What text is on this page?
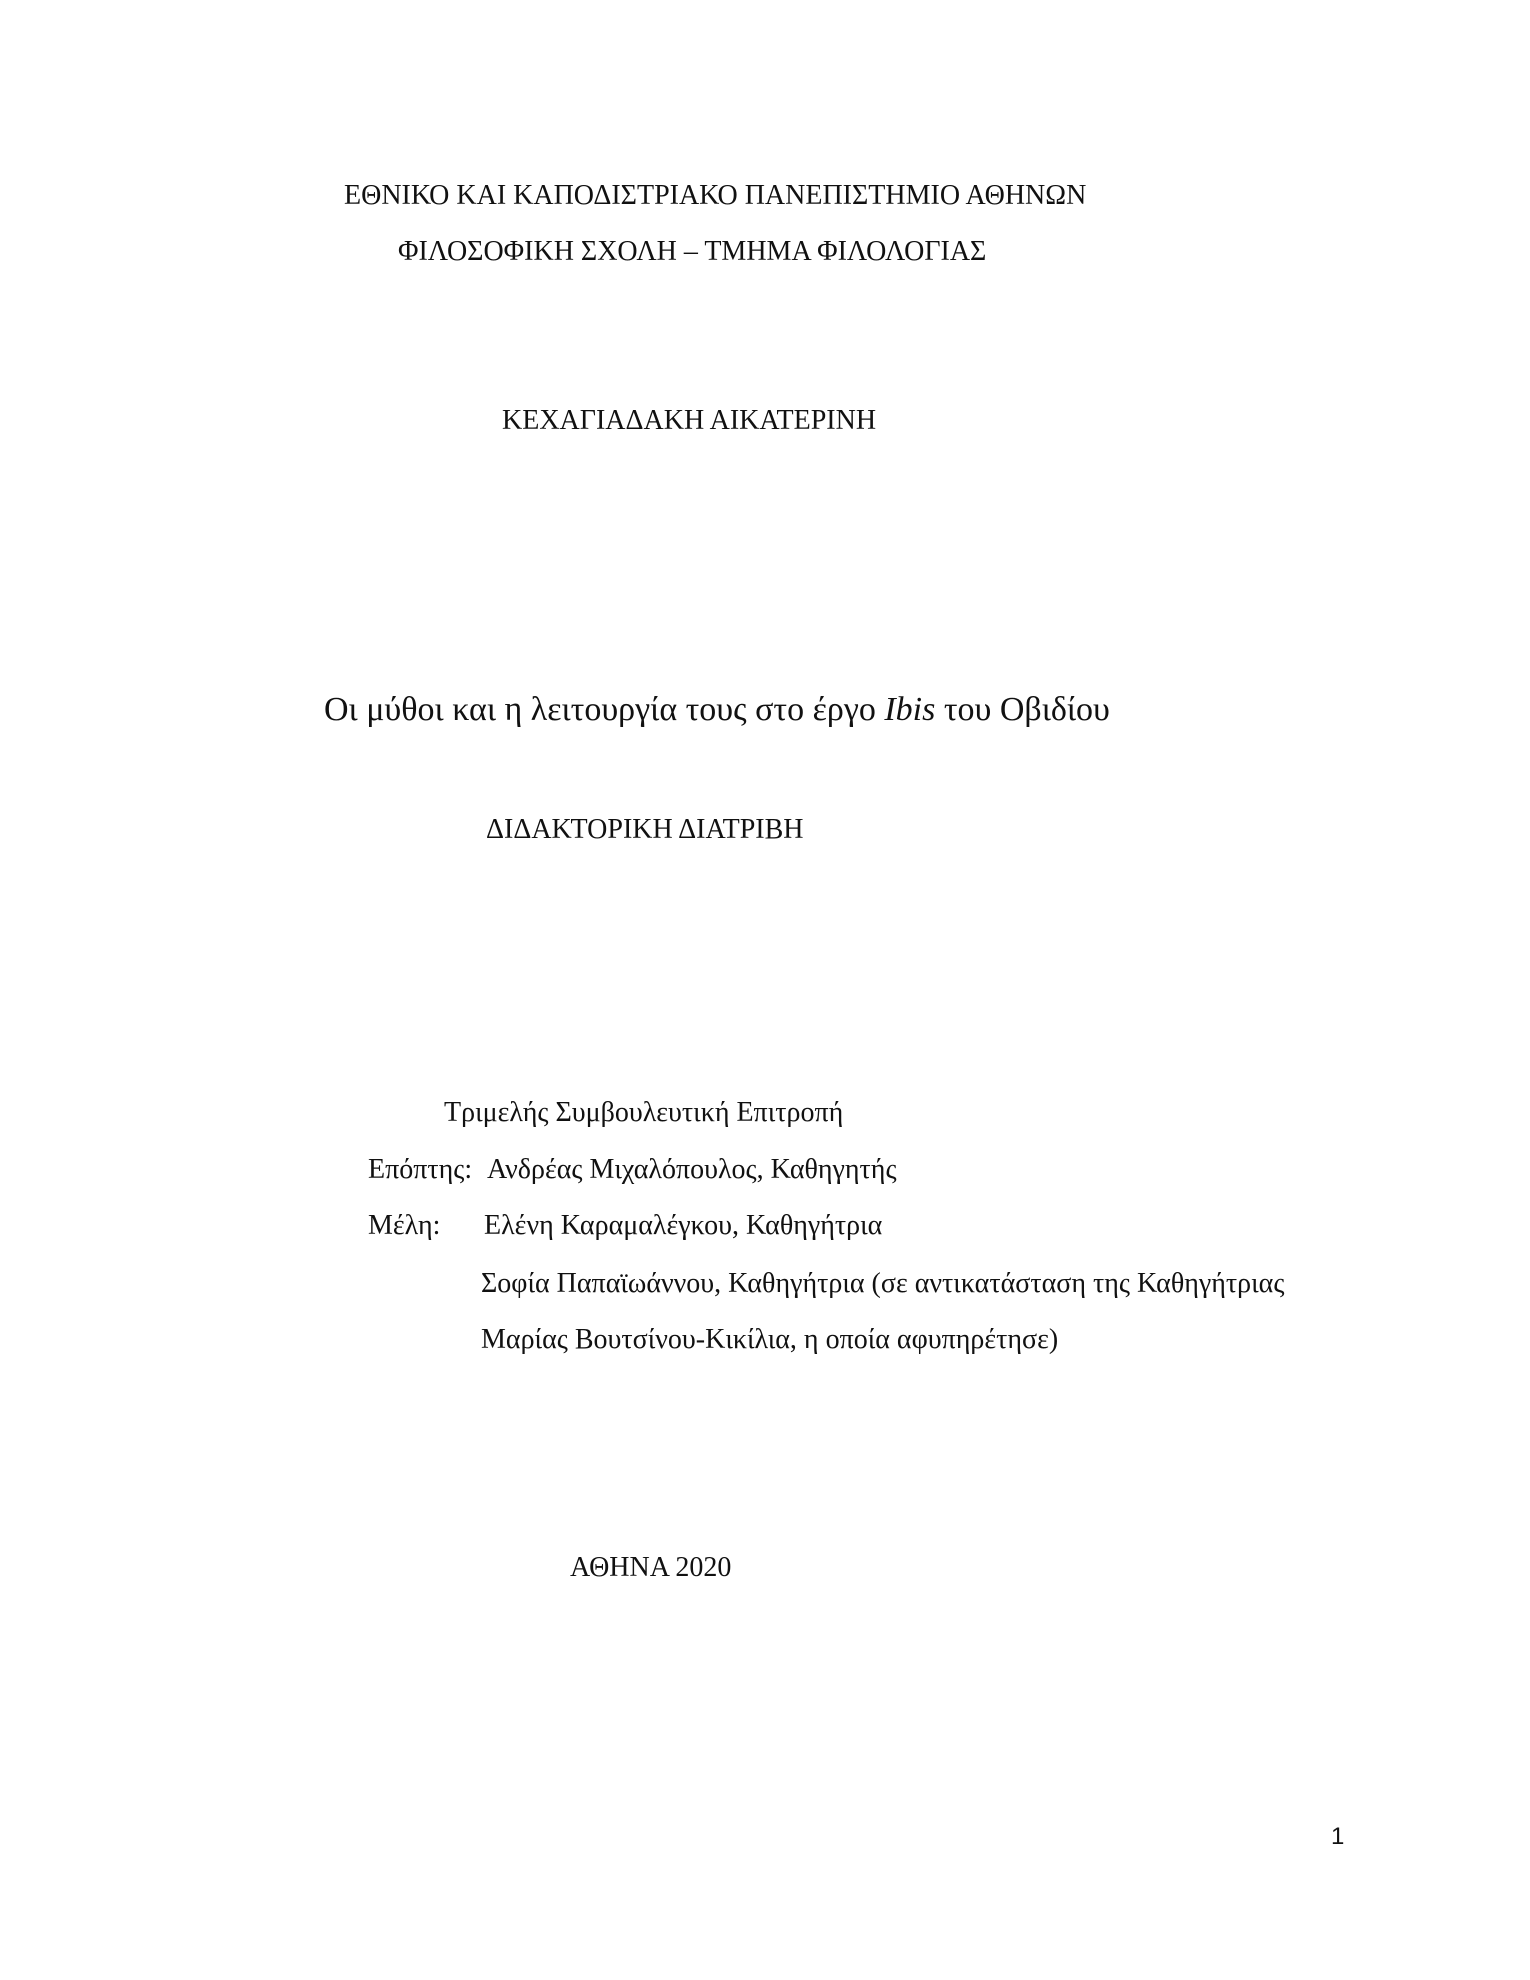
ΕΘΝΙΚΟ ΚΑΙ ΚΑΠΟΔΙΣΤΡΙΑΚΟ ΠΑΝΕΠΙΣΤΗΜΙΟ ΑΘΗΝΩΝ
ΦΙΛΟΣΟΦΙΚΗ ΣΧΟΛΗ – ΤΜΗΜΑ ΦΙΛΟΛΟΓΙΑΣ
ΚΕΧΑΓΙΑΔΑΚΗ ΑΙΚΑΤΕΡΙΝΗ
Οι μύθοι και η λειτουργία τους στο έργο Ibis του Οβιδίου
ΔΙΔΑΚΤΟΡΙΚΗ ΔΙΑΤΡΙΒΗ
Τριμελής Συμβουλευτική Επιτροπή
Επόπτης: Ανδρέας Μιχαλόπουλος, Καθηγητής
Μέλη: Ελένη Καραμαλέγκου, Καθηγήτρια
Σοφία Παπαϊωάννου, Καθηγήτρια (σε αντικατάσταση της Καθηγήτριας
Μαρίας Βουτσίνου-Κικίλια, η οποία αφυπηρέτησε)
ΑΘΗΝΑ 2020
1
